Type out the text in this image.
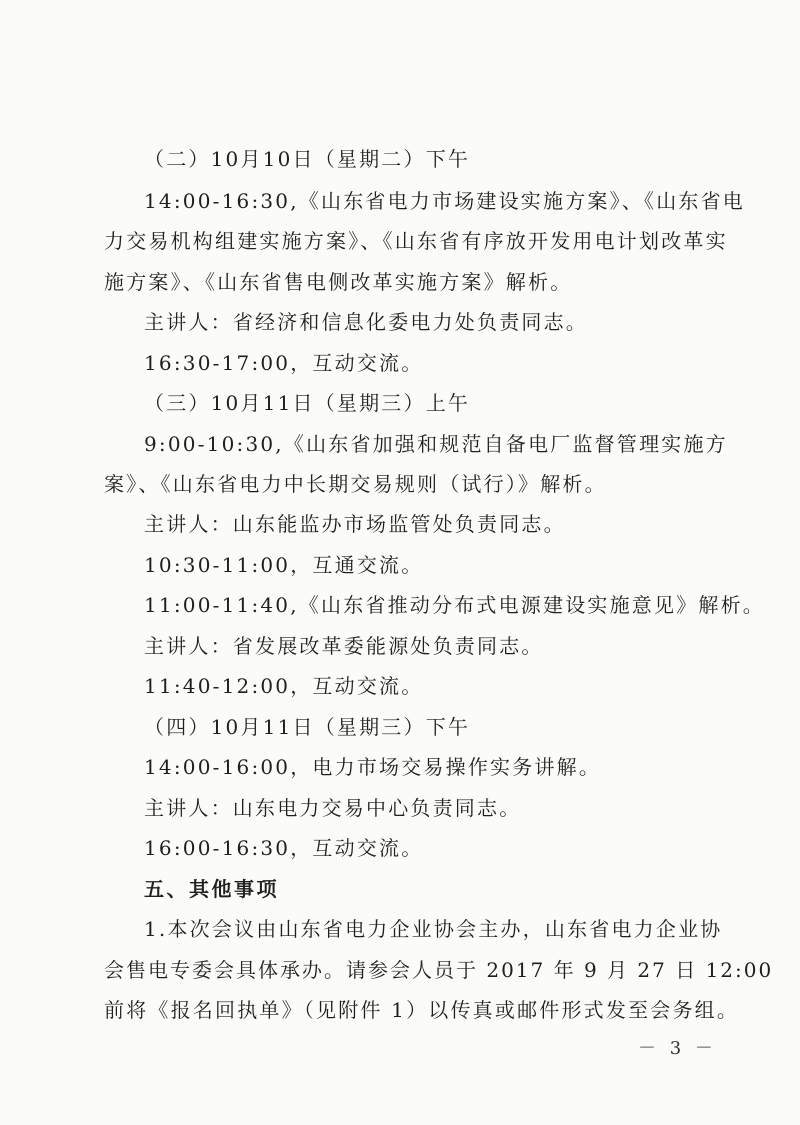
（二）10月10日（星期二）下午
14:00-16:30,《山东省电力市场建设实施方案》、《山东省电
力交易机构组建实施方案》、《山东省有序放开发用电计划改革实
施方案》、《山东省售电侧改革实施方案》解析。
主讲人：省经济和信息化委电力处负责同志。
16:30-17:00，互动交流。
（三）10月11日（星期三）上午
9:00-10:30,《山东省加强和规范自备电厂监督管理实施方
案》、《山东省电力中长期交易规则（试行）》解析。
主讲人：山东能监办市场监管处负责同志。
10:30-11:00，互通交流。
11:00-11:40,《山东省推动分布式电源建设实施意见》解析。
主讲人：省发展改革委能源处负责同志。
11:40-12:00，互动交流。
（四）10月11日（星期三）下午
14:00-16:00，电力市场交易操作实务讲解。
主讲人：山东电力交易中心负责同志。
16:00-16:30，互动交流。
五、其他事项
1.本次会议由山东省电力企业协会主办，山东省电力企业协
会售电专委会具体承办。请参会人员于 2017 年 9 月 27 日 12:00
前将《报名回执单》（见附件 1）以传真或邮件形式发至会务组。
－ 3 －
